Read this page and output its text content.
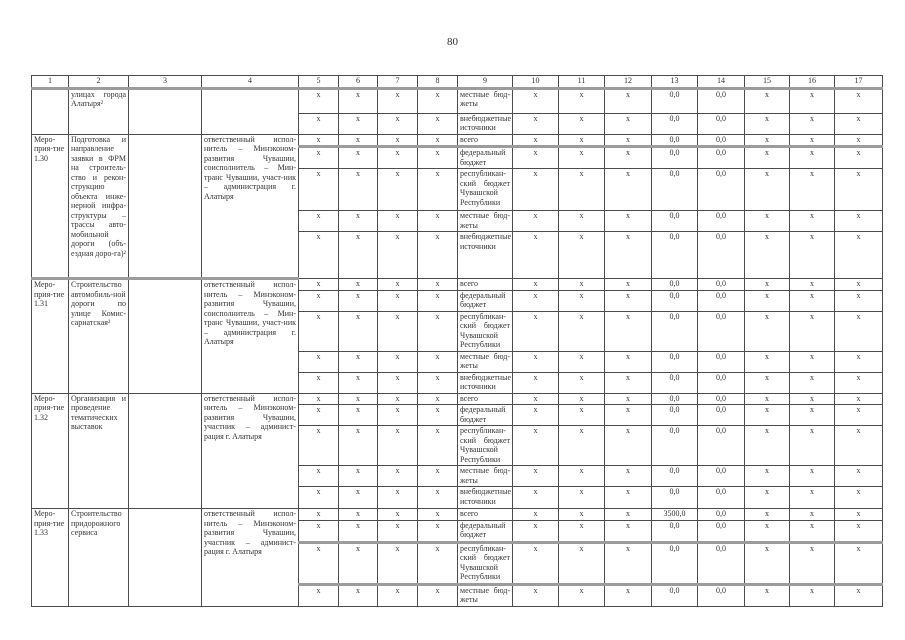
80
1	2	3	4	5	6	7	8	9	10	11	12	13	14	15	16	17
	улицах города Алатыря²			x	x	x	x	местные бюд-жеты	x	x	x	0,0	0,0	x	x	x
				x	x	x	x	внебюджетные источники	x	x	x	0,0	0,0	x	x	x
Меро-прия-тие 1.30	Подготовка и направление заявки в ФРМ на строитель-ство и рекон-струкцию объекта инже-нерной инфра-структуры – трассы авто-мобильной дороги (объ-ездная доро-га)²		ответственный испол-нитель – Минэконом-развития Чувашии, соисполнитель – Мин-транс Чувашии, участ-ник – администрация г. Алатыря	x	x	x	x	всего	x	x	x	0,0	0,0	x	x	x
				x	x	x	x	федеральный бюджет	x	x	x	0,0	0,0	x	x	x
				x	x	x	x	республикан-ский бюджет Чувашской Республики	x	x	x	0,0	0,0	x	x	x
				x	x	x	x	местные бюд-жеты	x	x	x	0,0	0,0	x	x	x
				x	x	x	x	внебюджетные источники	x	x	x	0,0	0,0	x	x	x
Меро-прия-тие 1.31	Строительство автомобиль-ной дороги по улице Комис-сариатская²		ответственный испол-нитель – Минэконом-развития Чувашии, соисполнитель – Мин-транс Чувашии, участ-ник – администрация г. Алатыря	x	x	x	x	всего	x	x	x	0,0	0,0	x	x	x
				x	x	x	x	федеральный бюджет	x	x	x	0,0	0,0	x	x	x
				x	x	x	x	республикан-ский бюджет Чувашской Республики	x	x	x	0,0	0,0	x	x	x
				x	x	x	x	местные бюд-жеты	x	x	x	0,0	0,0	x	x	x
				x	x	x	x	внебюджетные источники	x	x	x	0,0	0,0	x	x	x
Меро-прия-тие 1.32	Организация и проведение тематических выставок		ответственный испол-нитель – Минэконом-развития Чувашии, участник – админист-рация г. Алатыря	x	x	x	x	всего	x	x	x	0,0	0,0	x	x	x
				x	x	x	x	федеральный бюджет	x	x	x	0,0	0,0	x	x	x
				x	x	x	x	республикан-ский бюджет Чувашской Республики	x	x	x	0,0	0,0	x	x	x
				x	x	x	x	местные бюд-жеты	x	x	x	0,0	0,0	x	x	x
				x	x	x	x	внебюджетные источники	x	x	x	0,0	0,0	x	x	x
Меро-прия-тие 1.33	Строительство придорожного сервиса		ответственный испол-нитель – Минэконом-развития Чувашии, участник – админист-рация г. Алатыря	x	x	x	x	всего	x	x	x	3500,0	0,0	x	x	x
				x	x	x	x	федеральный бюджет	x	x	x	0,0	0,0	x	x	x
				x	x	x	x	республикан-ский бюджет Чувашской Республики	x	x	x	0,0	0,0	x	x	x
				x	x	x	x	местные бюд-жеты	x	x	x	0,0	0,0	x	x	x
